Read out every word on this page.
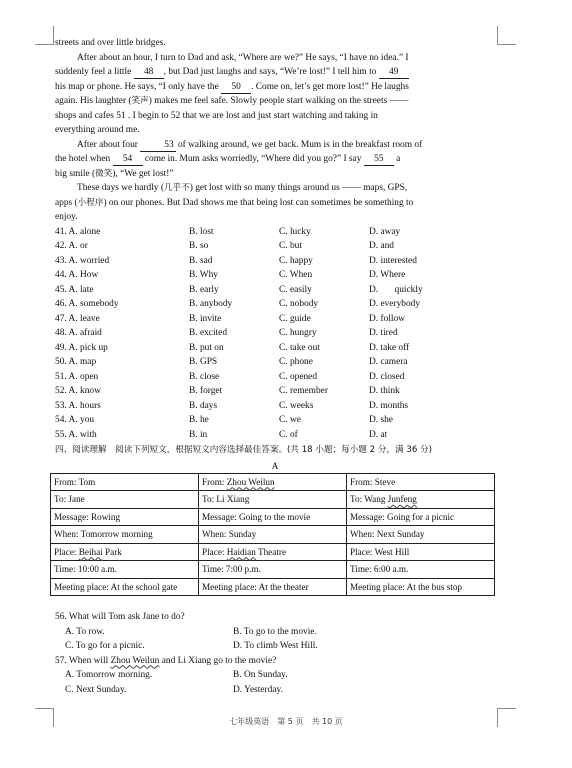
streets and over little bridges.
After about an hour, I turn to Dad and ask, “Where are we?” He says, “I have no idea.” I
suddenly feel a little 48 , but Dad just laughs and says, “We’re lost!” I tell him to 49
his map or phone. He says, “I only have the 50 . Come on, let’s get more lost!” He laughs
again. His laughter (笑声) makes me feel safe. Slowly people start walking on the streets ——
shops and cafes 51 . I begin to 52 that we are lost and just start watching and taking in
everything around me.
After about four	53 of walking around, we get back. Mum is in the breakfast room of
the hotel when 54 come in. Mum asks worriedly, “Where did you go?” I say 55 a
big smile (微笑), “We get lost!”
These days we hardly (几乎不) get lost with so many things around us —— maps, GPS,
apps (小程序) on our phones. But Dad shows me that being lost can sometimes be something to
enjoy.
41. A. alone	B. lost	C. lucky	D. away
42. A. or	B. so	C. but	D. and
43. A. worried	B. sad	C. happy	D. interested
44. A. How	B. Why	C. When	D. Where
45. A. late	B. early	C. easily	D.       quickly
46. A. somebody	B. anybody	C. nobody	D. everybody
47. A. leave	B. invite	C. guide	D. follow
48. A. afraid	B. excited	C. hungry	D. tired
49. A. pick up	B. put on	C. take out	D. take off
50. A. map	B. GPS	C. phone	D. camera
51. A. open	B. close	C. opened	D. closed
52. A. know	B. forget	C. remember	D. think
53. A. hours	B. days	C. weeks	D. months
54. A. you	B. he	C. we	D. she
55. A. with	B. in	C. of	D. at
四、阅读理解　阅读下列短文，根据短文内容选择最佳答案。(共 18 小题；每小题 2 分，满 36 分)
A
From: Tom	From: Zhou Weilun	From: Steve
To: Jane	To: Li Xiang	To: Wang Junfeng
Message: Rowing	Message: Going to the movie	Message: Going for a picnic
When: Tomorrow morning	When: Sunday	When: Next Sunday
Place: Beihai Park	Place: Haidian Theatre	Place: West Hill
Time: 10:00 a.m.	Time: 7:00 p.m.	Time: 6:00 a.m.
Meeting place: At the school gate	Meeting place: At the theater	Meeting place: At the bus stop
56. What will Tom ask Jane to do?
A. To row.	B. To go to the movie.
C. To go for a picnic.	D. To climb West Hill.
57. When will Zhou Weilun and Li Xiang go to the movie?
A. Tomorrow morning.	B. On Sunday.
C. Next Sunday.	D. Yesterday.
七年级英语　第 5 页　共 10 页
